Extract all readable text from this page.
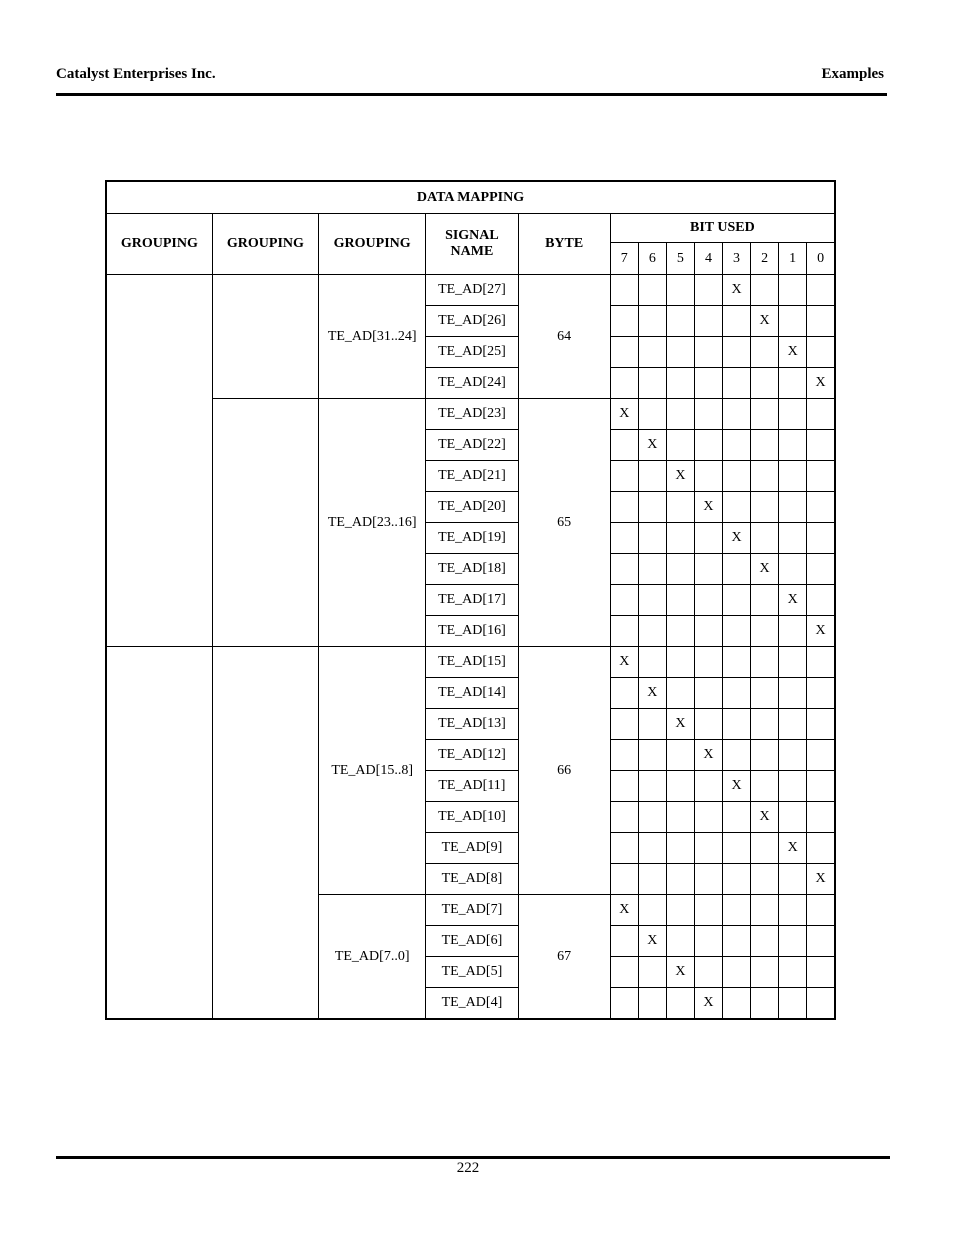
Catalyst Enterprises Inc.	Examples
DATA MAPPING												
GROUPING	GROUPING	GROUPING	SIGNAL NAME	BYTE	BIT USED							
					7	6	5	4	3	2	1	0
		TE_AD[31..24]	TE_AD[27]	64					X			
			TE_AD[26]							X		
			TE_AD[25]								X	
			TE_AD[24]									X
		TE_AD[23..16]	TE_AD[23]	65	X							
			TE_AD[22]			X						
			TE_AD[21]				X					
			TE_AD[20]					X				
			TE_AD[19]						X			
			TE_AD[18]							X		
			TE_AD[17]								X	
			TE_AD[16]									X
		TE_AD[15..8]	TE_AD[15]	66	X							
			TE_AD[14]			X						
			TE_AD[13]				X					
			TE_AD[12]					X				
			TE_AD[11]						X			
			TE_AD[10]							X		
			TE_AD[9]								X	
			TE_AD[8]									X
		TE_AD[7..0]	TE_AD[7]	67	X							
			TE_AD[6]			X						
			TE_AD[5]				X					
			TE_AD[4]					X				
222
